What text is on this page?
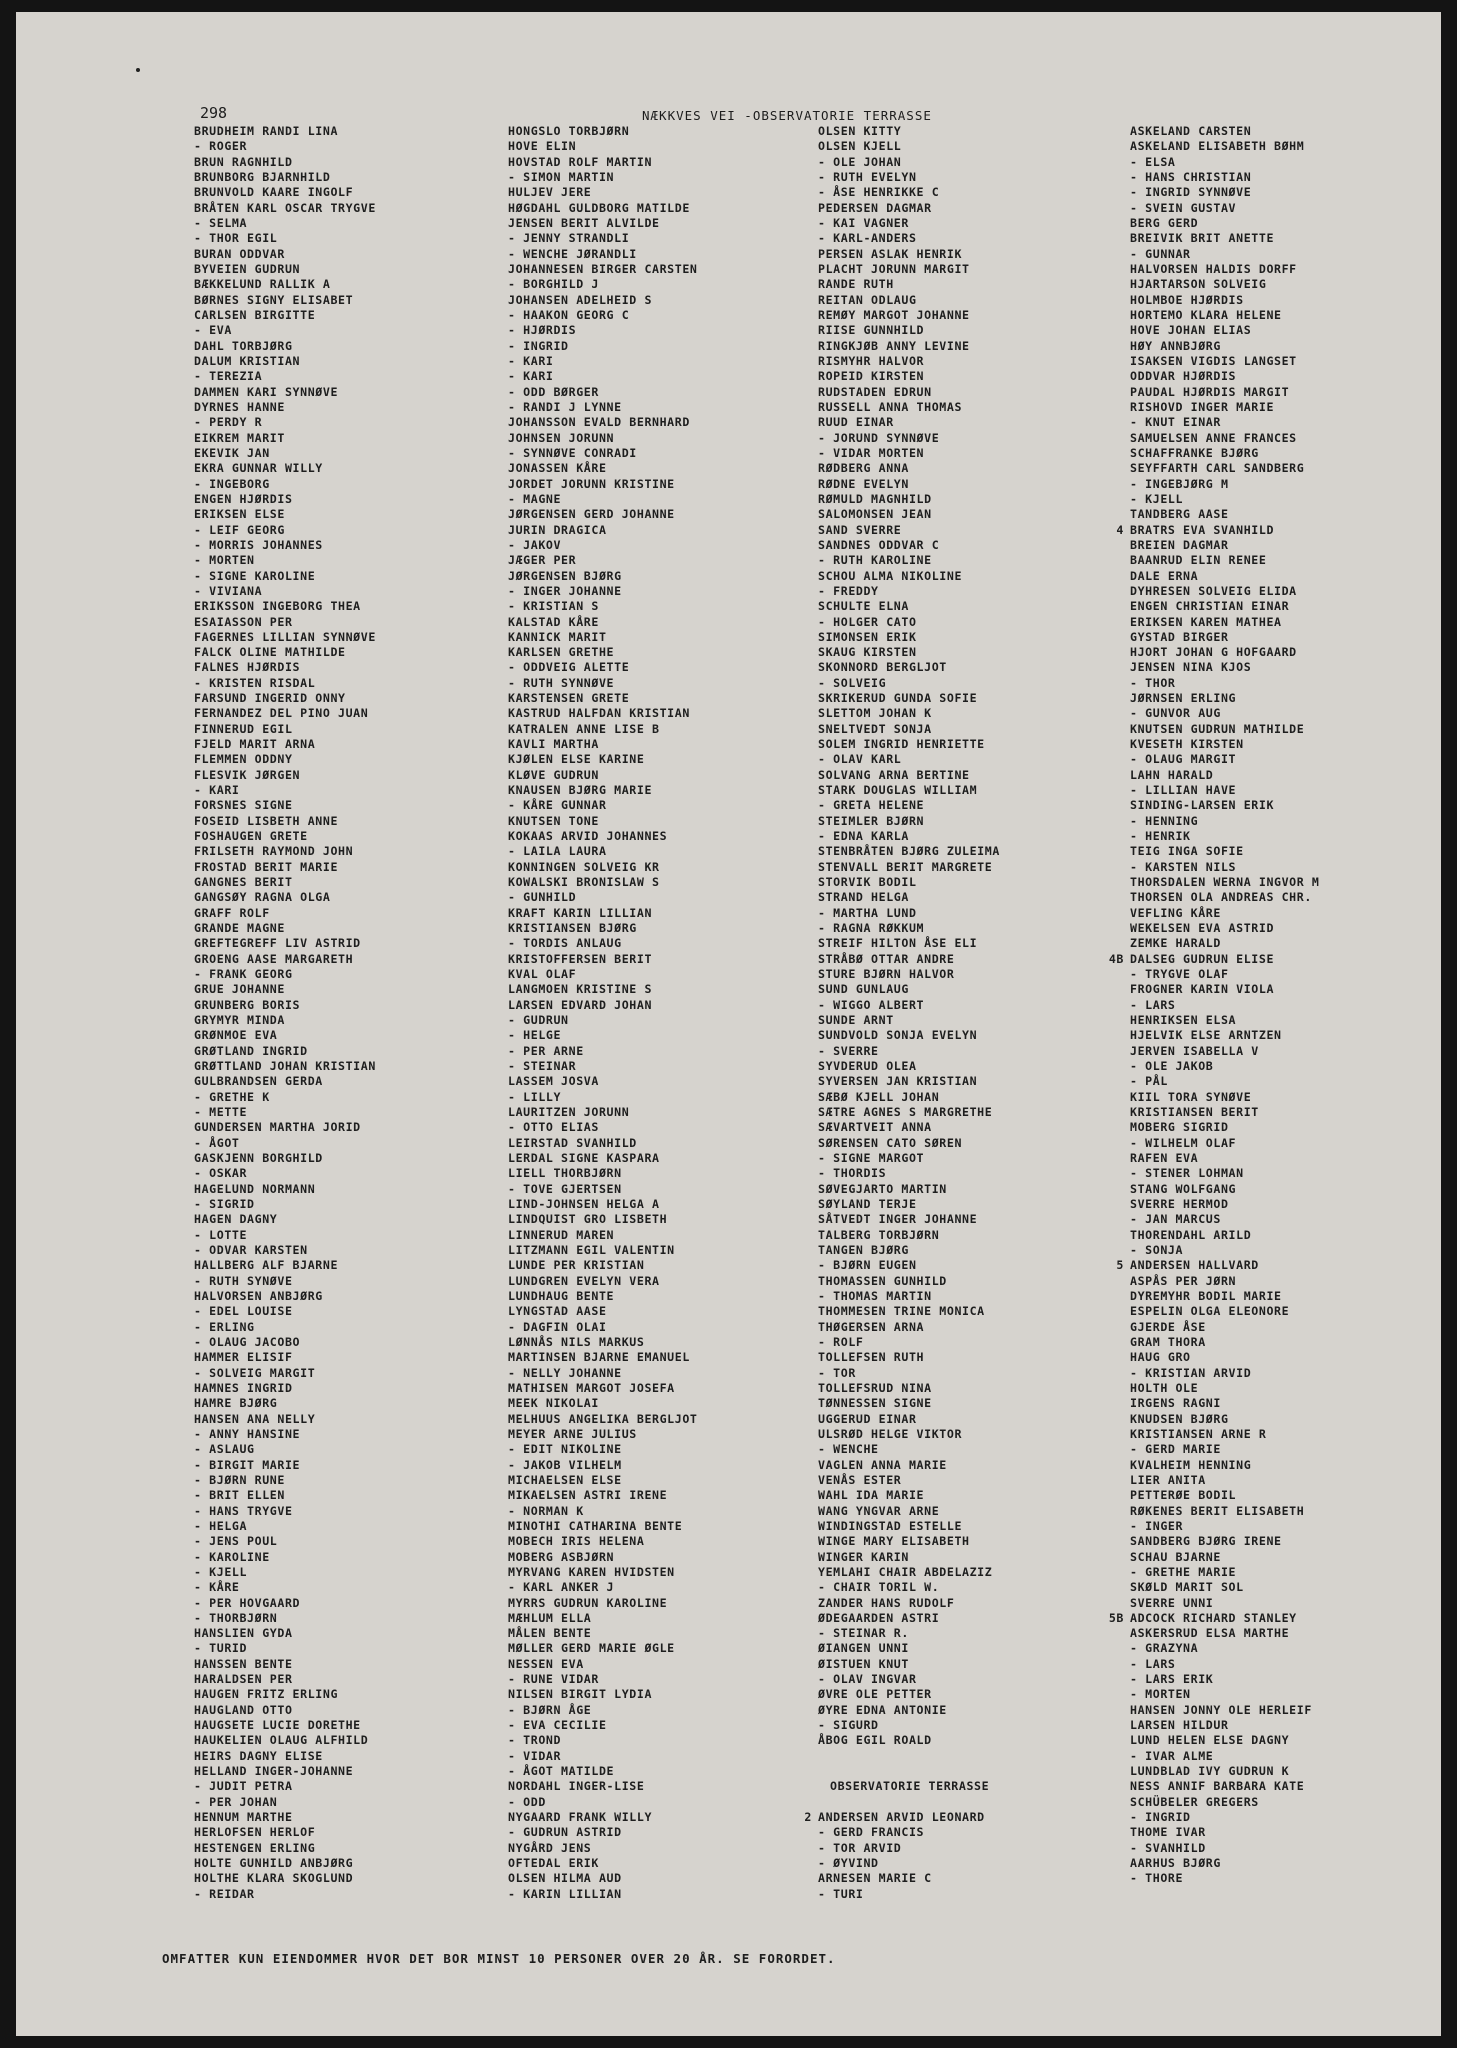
298	NÆKKVES VEI -OBSERVATORIE TERRASSE
OMFATTER KUN EIENDOMMER HVOR DET BOR MINST 10 PERSONER OVER 20 ÅR. SE FORORDET.
BRUDHEIM RANDI LINA
- ROGER
BRUN RAGNHILD
BRUNBORG BJARNHILD
BRUNVOLD KAARE INGOLF
BRÅTEN KARL OSCAR TRYGVE
- SELMA
- THOR EGIL
BURAN ODDVAR
BYVEIEN GUDRUN
BÆKKELUND RALLIK A
BØRNES SIGNY ELISABET
CARLSEN BIRGITTE
- EVA
DAHL TORBJØRG
DALUM KRISTIAN
- TEREZIA
DAMMEN KARI SYNNØVE
DYRNES HANNE
- PERDY R
EIKREM MARIT
EKEVIK JAN
EKRA GUNNAR WILLY
- INGEBORG
ENGEN HJØRDIS
ERIKSEN ELSE
- LEIF GEORG
- MORRIS JOHANNES
- MORTEN
- SIGNE KAROLINE
- VIVIANA
ERIKSSON INGEBORG THEA
ESAIASSON PER
FAGERNES LILLIAN SYNNØVE
FALCK OLINE MATHILDE
FALNES HJØRDIS
- KRISTEN RISDAL
FARSUND INGERID ONNY
FERNANDEZ DEL PINO JUAN
FINNERUD EGIL
FJELD MARIT ARNA
FLEMMEN ODDNY
FLESVIK JØRGEN
- KARI
FORSNES SIGNE
FOSEID LISBETH ANNE
FOSHAUGEN GRETE
FRILSETH RAYMOND JOHN
FROSTAD BERIT MARIE
GANGNES BERIT
GANGSØY RAGNA OLGA
GRAFF ROLF
GRANDE MAGNE
GREFTEGREFF LIV ASTRID
GROENG AASE MARGARETH
- FRANK GEORG
GRUE JOHANNE
GRUNBERG BORIS
GRYMYR MINDA
GRØNMOE EVA
GRØTLAND INGRID
GRØTTLAND JOHAN KRISTIAN
GULBRANDSEN GERDA
- GRETHE K
- METTE
GUNDERSEN MARTHA JORID
- ÅGOT
GASKJENN BORGHILD
- OSKAR
HAGELUND NORMANN
- SIGRID
HAGEN DAGNY
- LOTTE
- ODVAR KARSTEN
HALLBERG ALF BJARNE
- RUTH SYNØVE
HALVORSEN ANBJØRG
- EDEL LOUISE
- ERLING
- OLAUG JACOBO
HAMMER ELISIF
- SOLVEIG MARGIT
HAMNES INGRID
HAMRE BJØRG
HANSEN ANA NELLY
- ANNY HANSINE
- ASLAUG
- BIRGIT MARIE
- BJØRN RUNE
- BRIT ELLEN
- HANS TRYGVE
- HELGA
- JENS POUL
- KAROLINE
- KJELL
- KÅRE
- PER HOVGAARD
- THORBJØRN
HANSLIEN GYDA
- TURID
HANSSEN BENTE
HARALDSEN PER
HAUGEN FRITZ ERLING
HAUGLAND OTTO
HAUGSETE LUCIE DORETHE
HAUKELIEN OLAUG ALFHILD
HEIRS DAGNY ELISE
HELLAND INGER-JOHANNE
- JUDIT PETRA
- PER JOHAN
HENNUM MARTHE
HERLOFSEN HERLOF
HESTENGEN ERLING
HOLTE GUNHILD ANBJØRG
HOLTHE KLARA SKOGLUND
- REIDAR
HONGSLO TORBJØRN
HOVE ELIN
HOVSTAD ROLF MARTIN
- SIMON MARTIN
HULJEV JERE
HØGDAHL GULDBORG MATILDE
JENSEN BERIT ALVILDE
- JENNY STRANDLI
- WENCHE JØRANDLI
JOHANNESEN BIRGER CARSTEN
- BORGHILD J
JOHANSEN ADELHEID S
- HAAKON GEORG C
- HJØRDIS
- INGRID
- KARI
- KARI
- ODD BØRGER
- RANDI J LYNNE
JOHANSSON EVALD BERNHARD
JOHNSEN JORUNN
- SYNNØVE CONRADI
JONASSEN KÅRE
JORDET JORUNN KRISTINE
- MAGNE
JØRGENSEN GERD JOHANNE
JURIN DRAGICA
- JAKOV
JÆGER PER
JØRGENSEN BJØRG
- INGER JOHANNE
- KRISTIAN S
KALSTAD KÅRE
KANNICK MARIT
KARLSEN GRETHE
- ODDVEIG ALETTE
- RUTH SYNNØVE
KARSTENSEN GRETE
KASTRUD HALFDAN KRISTIAN
KATRALEN ANNE LISE B
KAVLI MARTHA
KJØLEN ELSE KARINE
KLØVE GUDRUN
KNAUSEN BJØRG MARIE
- KÅRE GUNNAR
KNUTSEN TONE
KOKAAS ARVID JOHANNES
- LAILA LAURA
KONNINGEN SOLVEIG KR
KOWALSKI BRONISLAW S
- GUNHILD
KRAFT KARIN LILLIAN
KRISTIANSEN BJØRG
- TORDIS ANLAUG
KRISTOFFERSEN BERIT
KVAL OLAF
LANGMOEN KRISTINE S
LARSEN EDVARD JOHAN
- GUDRUN
- HELGE
- PER ARNE
- STEINAR
LASSEM JOSVA
- LILLY
LAURITZEN JORUNN
- OTTO ELIAS
LEIRSTAD SVANHILD
LERDAL SIGNE KASPARA
LIELL THORBJØRN
- TOVE GJERTSEN
LIND-JOHNSEN HELGA A
LINDQUIST GRO LISBETH
LINNERUD MAREN
LITZMANN EGIL VALENTIN
LUNDE PER KRISTIAN
LUNDGREN EVELYN VERA
LUNDHAUG BENTE
LYNGSTAD AASE
- DAGFIN OLAI
LØNNÅS NILS MARKUS
MARTINSEN BJARNE EMANUEL
- NELLY JOHANNE
MATHISEN MARGOT JOSEFA
MEEK NIKOLAI
MELHUUS ANGELIKA BERGLJOT
MEYER ARNE JULIUS
- EDIT NIKOLINE
- JAKOB VILHELM
MICHAELSEN ELSE
MIKAELSEN ASTRI IRENE
- NORMAN K
MINOTHI CATHARINA BENTE
MOBECH IRIS HELENA
MOBERG ASBJØRN
MYRVANG KAREN HVIDSTEN
- KARL ANKER J
MYRRS GUDRUN KAROLINE
MÆHLUM ELLA
MÅLEN BENTE
MØLLER GERD MARIE ØGLE
NESSEN EVA
- RUNE VIDAR
NILSEN BIRGIT LYDIA
- BJØRN ÅGE
- EVA CECILIE
- TROND
- VIDAR
- ÅGOT MATILDE
NORDAHL INGER-LISE
- ODD
NYGAARD FRANK WILLY
- GUDRUN ASTRID
NYGÅRD JENS
OFTEDAL ERIK
OLSEN HILMA AUD
- KARIN LILLIAN
OLSEN KITTY
OLSEN KJELL
- OLE JOHAN
- RUTH EVELYN
- ÅSE HENRIKKE C
PEDERSEN DAGMAR
- KAI VAGNER
- KARL-ANDERS
PERSEN ASLAK HENRIK
PLACHT JORUNN MARGIT
RANDE RUTH
REITAN ODLAUG
REMØY MARGOT JOHANNE
RIISE GUNNHILD
RINGKJØB ANNY LEVINE
RISMYHR HALVOR
ROPEID KIRSTEN
RUDSTADEN EDRUN
RUSSELL ANNA THOMAS
RUUD EINAR
- JORUND SYNNØVE
- VIDAR MORTEN
RØDBERG ANNA
RØDNE EVELYN
RØMULD MAGNHILD
SALOMONSEN JEAN
SAND SVERRE
SANDNES ODDVAR C
- RUTH KAROLINE
SCHOU ALMA NIKOLINE
- FREDDY
SCHULTE ELNA
- HOLGER CATO
SIMONSEN ERIK
SKAUG KIRSTEN
SKONNORD BERGLJOT
- SOLVEIG
SKRIKERUD GUNDA SOFIE
SLETTOM JOHAN K
SNELTVEDT SONJA
SOLEM INGRID HENRIETTE
- OLAV KARL
SOLVANG ARNA BERTINE
STARK DOUGLAS WILLIAM
- GRETA HELENE
STEIMLER BJØRN
- EDNA KARLA
STENBRÅTEN BJØRG ZULEIMA
STENVALL BERIT MARGRETE
STORVIK BODIL
STRAND HELGA
- MARTHA LUND
- RAGNA RØKKUM
STREIF HILTON ÅSE ELI
STRÅBØ OTTAR ANDRE
STURE BJØRN HALVOR
SUND GUNLAUG
- WIGGO ALBERT
SUNDE ARNT
SUNDVOLD SONJA EVELYN
- SVERRE
SYVDERUD OLEA
SYVERSEN JAN KRISTIAN
SÆBØ KJELL JOHAN
SÆTRE AGNES S MARGRETHE
SÆVARTVEIT ANNA
SØRENSEN CATO SØREN
- SIGNE MARGOT
- THORDIS
SØVEGJARTO MARTIN
SØYLAND TERJE
SÅTVEDT INGER JOHANNE
TALBERG TORBJØRN
TANGEN BJØRG
- BJØRN EUGEN
THOMASSEN GUNHILD
- THOMAS MARTIN
THOMMESEN TRINE MONICA
THØGERSEN ARNA
- ROLF
TOLLEFSEN RUTH
- TOR
TOLLEFSRUD NINA
TØNNESSEN SIGNE
UGGERUD EINAR
ULSRØD HELGE VIKTOR
- WENCHE
VAGLEN ANNA MARIE
VENÅS ESTER
WAHL IDA MARIE
WANG YNGVAR ARNE
WINDINGSTAD ESTELLE
WINGE MARY ELISABETH
WINGER KARIN
YEMLAHI CHAIR ABDELAZIZ
- CHAIR TORIL W.
ZANDER HANS RUDOLF
ØDEGAARDEN ASTRI
- STEINAR R.
ØIANGEN UNNI
ØISTUEN KNUT
- OLAV INGVAR
ØVRE OLE PETTER
ØYRE EDNA ANTONIE
- SIGURD
ÅBOG EGIL ROALD
OBSERVATORIE TERRASSE
2 ANDERSEN ARVID LEONARD
- GERD FRANCIS
- TOR ARVID
- ØYVIND
ARNESEN MARIE C
- TURI
ASKELAND CARSTEN
ASKELAND ELISABETH BØHM
- ELSA
- HANS CHRISTIAN
- INGRID SYNNØVE
- SVEIN GUSTAV
BERG GERD
BREIVIK BRIT ANETTE
- GUNNAR
HALVORSEN HALDIS DORFF
HJARTARSON SOLVEIG
HOLMBOE HJØRDIS
HORTEMO KLARA HELENE
HOVE JOHAN ELIAS
HØY ANNBJØRG
ISAKSEN VIGDIS LANGSET
ODDVAR HJØRDIS
PAUDAL HJØRDIS MARGIT
RISHOVD INGER MARIE
- KNUT EINAR
SAMUELSEN ANNE FRANCES
SCHAFFRANKE BJØRG
SEYFFARTH CARL SANDBERG
- INGEBJØRG M
- KJELL
TANDBERG AASE
4 BRATRS EVA SVANHILD
BREIEN DAGMAR
BAANRUD ELIN RENEE
DALE ERNA
DYHRESEN SOLVEIG ELIDA
ENGEN CHRISTIAN EINAR
ERIKSEN KAREN MATHEA
GYSTAD BIRGER
HJORT JOHAN G HOFGAARD
JENSEN NINA KJOS
- THOR
JØRNSEN ERLING
- GUNVOR AUG
KNUTSEN GUDRUN MATHILDE
KVESETH KIRSTEN
- OLAUG MARGIT
LAHN HARALD
- LILLIAN HAVE
SINDING-LARSEN ERIK
- HENNING
- HENRIK
TEIG INGA SOFIE
- KARSTEN NILS
THORSDALEN WERNA INGVOR M
THORSEN OLA ANDREAS CHR.
VEFLING KÅRE
WEKELSEN EVA ASTRID
ZEMKE HARALD
4B DALSEG GUDRUN ELISE
- TRYGVE OLAF
FROGNER KARIN VIOLA
- LARS
HENRIKSEN ELSA
HJELVIK ELSE ARNTZEN
JERVEN ISABELLA V
- OLE JAKOB
- PÅL
KIIL TORA SYNØVE
KRISTIANSEN BERIT
MOBERG SIGRID
- WILHELM OLAF
RAFEN EVA
- STENER LOHMAN
STANG WOLFGANG
SVERRE HERMOD
- JAN MARCUS
THORENDAHL ARILD
- SONJA
5 ANDERSEN HALLVARD
ASPÅS PER JØRN
DYREMYHR BODIL MARIE
ESPELIN OLGA ELEONORE
GJERDE ÅSE
GRAM THORA
HAUG GRO
- KRISTIAN ARVID
HOLTH OLE
IRGENS RAGNI
KNUDSEN BJØRG
KRISTIANSEN ARNE R
- GERD MARIE
KVALHEIM HENNING
LIER ANITA
PETTERØE BODIL
RØKENES BERIT ELISABETH
- INGER
SANDBERG BJØRG IRENE
SCHAU BJARNE
- GRETHE MARIE
SKØLD MARIT SOL
SVERRE UNNI
5B ADCOCK RICHARD STANLEY
ASKERSRUD ELSA MARTHE
- GRAZYNA
- LARS
- LARS ERIK
- MORTEN
HANSEN JONNY OLE HERLEIF
LARSEN HILDUR
LUND HELEN ELSE DAGNY
- IVAR ALME
LUNDBLAD IVY GUDRUN K
NESS ANNIF BARBARA KATE
SCHÜBELER GREGERS
- INGRID
THOME IVAR
- SVANHILD
AARHUS BJØRG
- THORE
